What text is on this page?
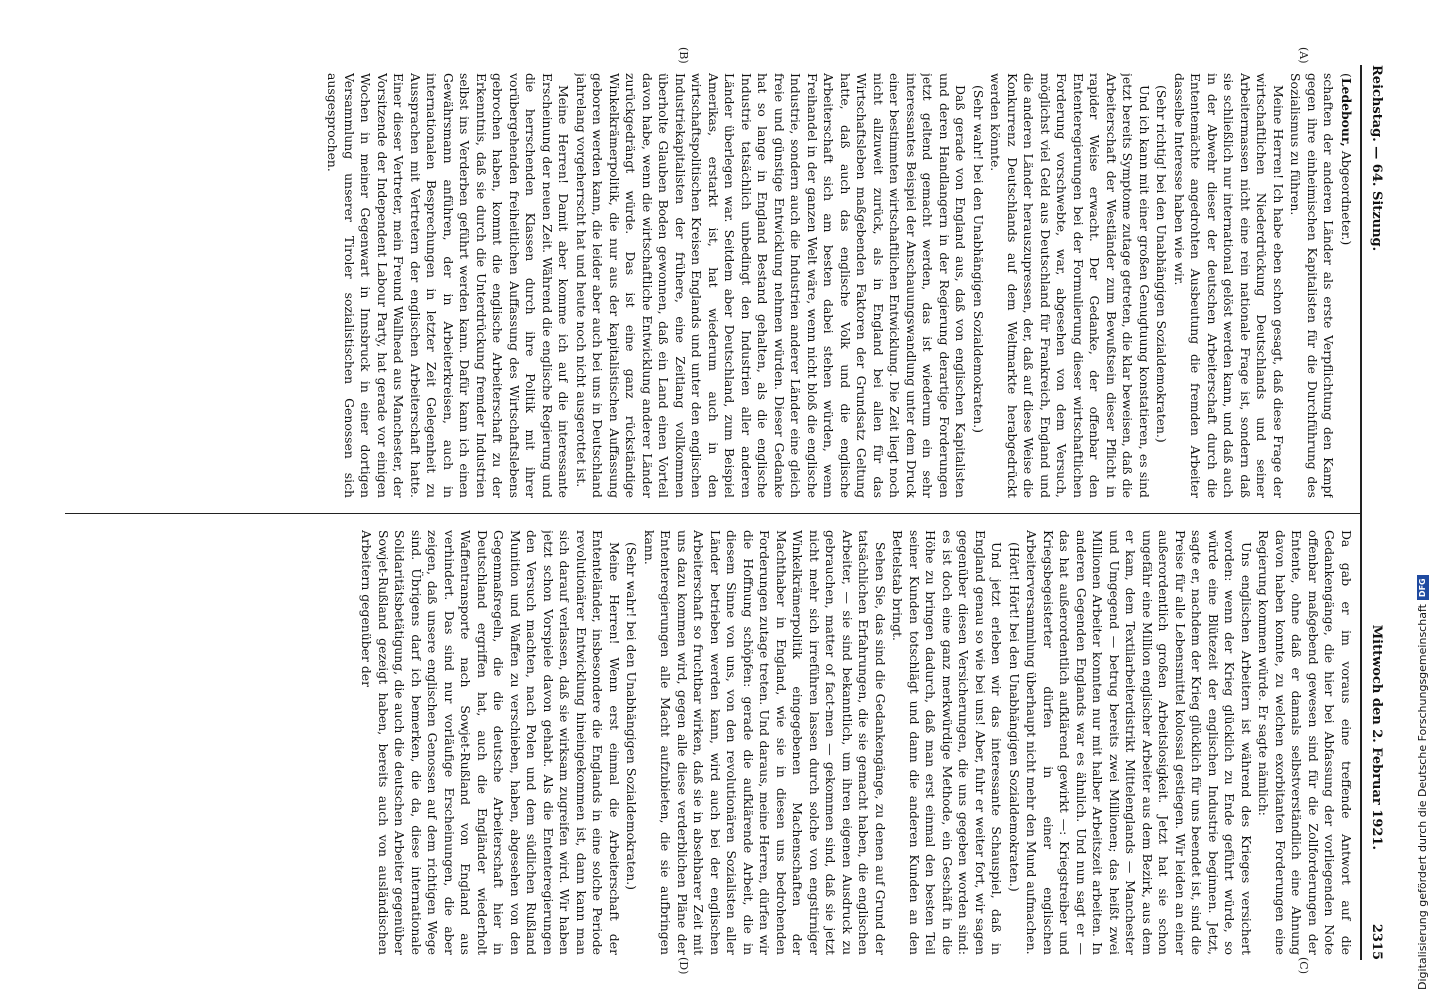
Reichstag. — 64. Sitzung.
Mittwoch den 2. Februar 1921.
2315
(A)
(B)
(C)
(D)

(Ledebour, Abgeordneter.)

schaften der anderen Länder als erste Verpflichtung den Kampf gegen ihre einheimischen Kapitalisten für die Durchführung des Sozialismus zu führen.

Meine Herren! Ich habe eben schon gesagt, daß diese Frage der wirtschaftlichen Niederdrückung Deutschlands und seiner Arbeitermassen nicht eine rein nationale Frage ist, sondern daß sie schließlich nur international gelöst werden kann, und daß auch in der Abwehr dieser der deutschen Arbeiterschaft durch die Ententemächte angedrohten Ausbeutung die fremden Arbeiter dasselbe Interesse haben wie wir.

(Sehr richtig! bei den Unabhängigen Sozialdemokraten.)

Und ich kann mit einer großen Genugtuung konstatieren, es sind jetzt bereits Symptome zutage getreten, die klar beweisen, daß die Arbeiterschaft der Westländer zum Bewußtsein dieser Pflicht in rapider Weise erwacht. Der Gedanke, der offenbar den Ententeregierungen bei der Formulierung dieser wirtschaftlichen Forderung vorschwebte, war, abgesehen von dem Versuch, möglichst viel Geld aus Deutschland für Frankreich, England und die anderen Länder herauszupressen, der, daß auf diese Weise die Konkurrenz Deutschlands auf dem Weltmarkte herabgedrückt werden könnte.

(Sehr wahr! bei den Unabhängigen Sozialdemokraten.)

Daß gerade von England aus, daß von englischen Kapitalisten und deren Handlangern in der Regierung derartige Forderungen jetzt geltend gemacht werden, das ist wiederum ein sehr interessantes Beispiel der Anschauungswandlung unter dem Druck einer bestimmten wirtschaftlichen Entwicklung. Die Zeit liegt noch nicht allzuweit zurück, als in England bei allen für das Wirtschaftsleben maßgebenden Faktoren der Grundsatz Geltung hatte, daß auch das englische Volk und die englische Arbeiterschaft sich am besten dabei stehen würden, wenn Freihandel in der ganzen Welt wäre, wenn nicht bloß die englische Industrie, sondern auch die Industrien anderer Länder eine gleich freie und günstige Entwicklung nehmen würden. Dieser Gedanke hat so lange in England Bestand gehalten, als die englische Industrie tatsächlich unbedingt den Industrien aller anderen Länder überlegen war. Seitdem aber Deutschland, zum Beispiel Amerikas, erstarkt ist, hat wiederum auch in den wirtschaftspolitischen Kreisen Englands und unter den englischen Industriekapitalisten der frühere, eine Zeitlang vollkommen überholte Glauben Boden gewonnen, daß ein Land einen Vorteil davon habe, wenn die wirtschaftliche Entwicklung anderer Länder zurückgedrängt würde. Das ist eine ganz rückständige Winkelkrämerpolitik, die nur aus der kapitalistischen Auffassung geboren werden kann, die leider aber auch bei uns in Deutschland jahrelang vorgeherrscht hat und heute noch nicht ausgerottet ist.

Meine Herren! Damit aber komme ich auf die interessante Erscheinung der neuen Zeit. Während die englische Regierung und die herrschenden Klassen durch ihre Politik mit ihrer vorübergehenden freiheitlichen Auffassung des Wirtschaftslebens gebrochen haben, kommt die englische Arbeiterschaft zu der Erkenntnis, daß sie durch die Unterdrückung fremder Industrien selbst ins Verderben geführt werden kann. Dafür kann ich einen Gewährsmann anführen, der in Arbeiterkreisen, auch in internationalen Besprechungen in letzter Zeit Gelegenheit zu Aussprachen mit Vertretern der englischen Arbeiterschaft hatte. Einer dieser Vertreter, mein Freund Wallhead aus Manchester, der Vorsitzende der Independent Labour Party, hat gerade vor einigen Wochen in meiner Gegenwart in Innsbruck in einer dortigen Versammlung unserer Tiroler sozialistischen Genossen sich ausgesprochen.

Da gab er im voraus eine treffende Antwort auf die Gedankengänge, die hier bei Abfassung der vorliegenden Note offenbar maßgebend gewesen sind für die Zollforderungen der Entente, ohne daß er damals selbstverständlich eine Ahnung davon haben konnte, zu welchen exorbitanten Forderungen eine Regierung kommen würde. Er sagte nämlich:

Uns englischen Arbeitern ist während des Krieges versichert worden: wenn der Krieg glücklich zu Ende geführt würde, so würde eine Blütezeit der englischen Industrie beginnen. Jetzt, sagte er, nachdem der Krieg glücklich für uns beendet ist, sind die Preise für alle Lebensmittel kolossal gestiegen. Wir leiden an einer außerordentlich großen Arbeitslosigkeit. Jetzt hat sie schon ungefähr eine Million englischer Arbeiter aus dem Bezirk, aus dem er kam, dem Textilarbeiterdistrikt Mittelenglands — Manchester und Umgegend — betrug bereits zwei Millionen; das heißt zwei Millionen Arbeiter konnten nur mit halber Arbeitszeit arbeiten. In anderen Gegenden Englands war es ähnlich. Und nun sagt er — das hat außerordentlich aufklärend gewirkt —: Kriegstreiber und Kriegsbegeisterter dürfen in einer englischen Arbeiterversammlung überhaupt nicht mehr den Mund aufmachen.

(Hört! Hört! bei den Unabhängigen Sozialdemokraten.)

Und jetzt erleben wir das interessante Schauspiel, daß in England genau so wie bei uns! Aber, fuhr er weiter fort, wir sagen gegenüber diesen Versicherungen, die uns gegeben worden sind: es ist doch eine ganz merkwürdige Methode, ein Geschäft in die Höhe zu bringen dadurch, daß man erst einmal den besten Teil seiner Kunden totschlägt und dann die anderen Kunden an den Bettelstab bringt.

Sehen Sie, das sind die Gedankengänge, zu denen auf Grund der tatsächlichen Erfahrungen, die sie gemacht haben, die englischen Arbeiter, — sie sind bekanntlich, um ihren eigenen Ausdruck zu gebrauchen, matter of fact-men — gekommen sind, daß sie jetzt nicht mehr sich irreführen lassen durch solche von engstirniger Winkelkrämerpolitik eingegebenen Machenschaften der Machthaber in England, wie sie in diesen uns bedrohenden Forderungen zutage treten. Und daraus, meine Herren, dürfen wir die Hoffnung schöpfen: gerade die aufklärende Arbeit, die in diesem Sinne von uns, von den revolutionären Sozialisten aller Länder betrieben werden kann, wird auch bei der englischen Arbeiterschaft so fruchtbar wirken, daß sie in absehbarer Zeit mit uns dazu kommen wird, gegen alle diese verderblichen Pläne der Ententeregierungen alle Macht aufzubieten, die sie aufbringen kann.

(Sehr wahr! bei den Unabhängigen Sozialdemokraten.)

Meine Herren! Wenn erst einmal die Arbeiterschaft der Ententeländer, insbesondere die Englands in eine solche Periode revolutionärer Entwicklung hineingekommen ist, dann kann man sich darauf verlassen, daß sie wirksam zugreifen wird. Wir haben jetzt schon Vorspiele davon gehabt. Als die Ententeregierungen den Versuch machten, nach Polen und dem südlichen Rußland Munition und Waffen zu verschieben, haben, abgesehen von den Gegenmaßregeln, die die deutsche Arbeiterschaft hier in Deutschland ergriffen hat, auch die Engländer wiederholt Waffentransporte nach Sowjet-Rußland von England aus verhindert. Das sind nur vorläufige Erscheinungen, die aber zeigen, daß unsere englischen Genossen auf dem richtigen Wege sind. Übrigens darf ich bemerken, die da, diese internationale Solidaritätsbetätigung, die auch die deutschen Arbeiter gegenüber Sowjet-Rußland gezeigt haben, bereits auch von ausländischen Arbeitern gegenüber der	Digitalisierung gefördert durch die Deutsche ForschungsgemeinschaftDFG
